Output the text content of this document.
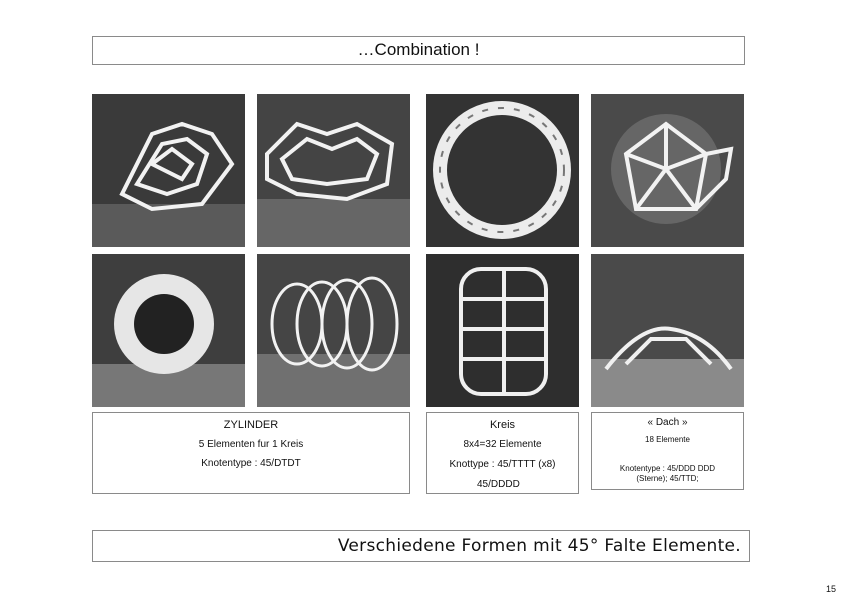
…Combination !
ZYLINDER
5 Elementen fur 1 Kreis
Knotentype : 45/DTDT
Kreis
8x4=32 Elemente
Knottype : 45/TTTT (x8)
45/DDDD
« Dach »
18 Elemente
Knotentype : 45/DDD DDD
(Sterne); 45/TTD;
Verschiedene Formen mit 45° Falte Elemente.
15
